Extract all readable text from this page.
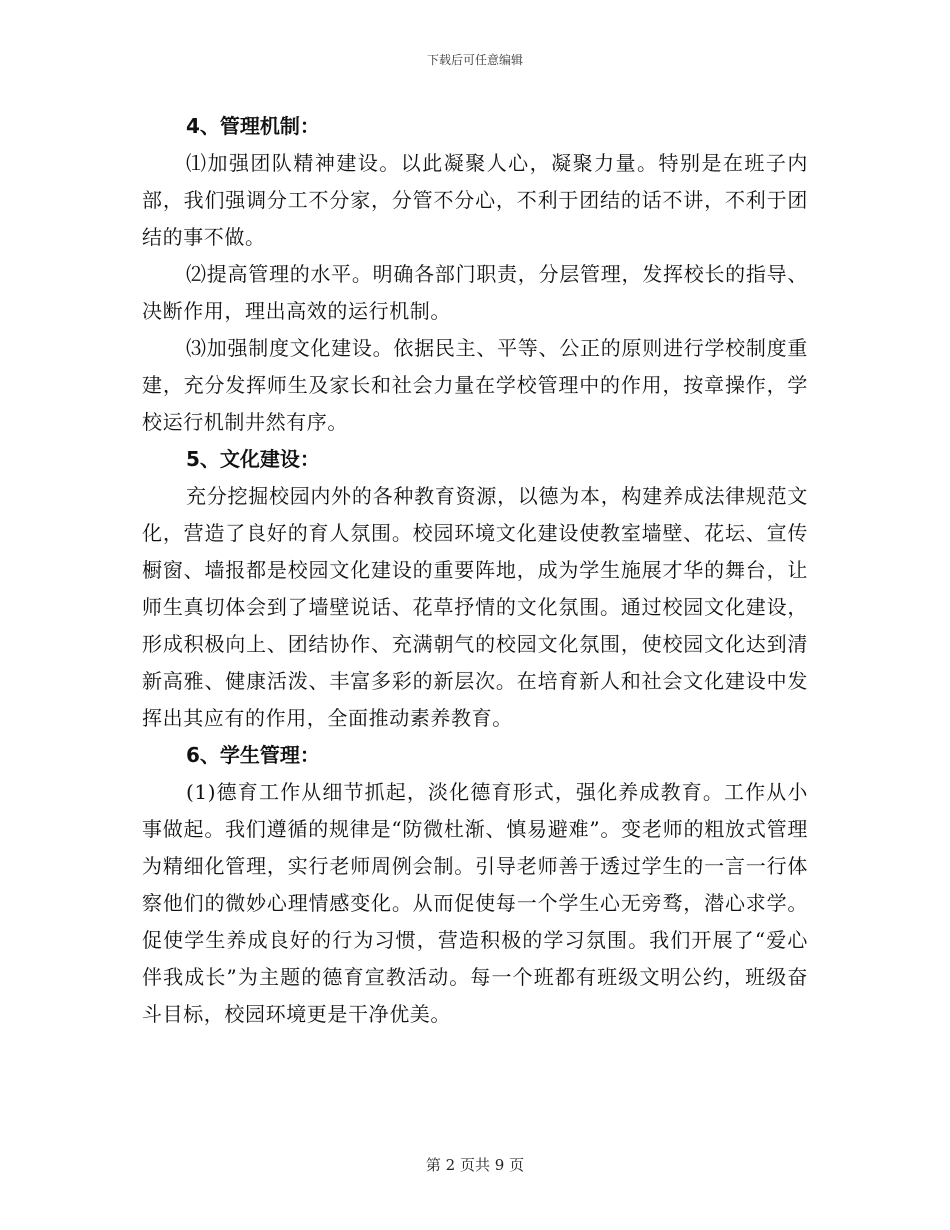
下载后可任意编辑
4、管理机制：

⑴加强团队精神建设。以此凝聚人心，凝聚力量。特别是在班子内部，我们强调分工不分家，分管不分心，不利于团结的话不讲，不利于团结的事不做。

⑵提高管理的水平。明确各部门职责，分层管理，发挥校长的指导、决断作用，理出高效的运行机制。

⑶加强制度文化建设。依据民主、平等、公正的原则进行学校制度重建，充分发挥师生及家长和社会力量在学校管理中的作用，按章操作，学校运行机制井然有序。

5、文化建设：

充分挖掘校园内外的各种教育资源，以德为本，构建养成法律规范文化，营造了良好的育人氛围。校园环境文化建设使教室墙壁、花坛、宣传橱窗、墙报都是校园文化建设的重要阵地，成为学生施展才华的舞台，让师生真切体会到了墙壁说话、花草抒情的文化氛围。通过校园文化建设，形成积极向上、团结协作、充满朝气的校园文化氛围，使校园文化达到清新高雅、健康活泼、丰富多彩的新层次。在培育新人和社会文化建设中发挥出其应有的作用，全面推动素养教育。

6、学生管理：

(1)德育工作从细节抓起，淡化德育形式，强化养成教育。工作从小事做起。我们遵循的规律是“防微杜渐、慎易避难”。变老师的粗放式管理为精细化管理，实行老师周例会制。引导老师善于透过学生的一言一行体察他们的微妙心理情感变化。从而促使每一个学生心无旁骛，潜心求学。促使学生养成良好的行为习惯，营造积极的学习氛围。我们开展了“爱心伴我成长”为主题的德育宣教活动。每一个班都有班级文明公约，班级奋斗目标，校园环境更是干净优美。

第 2 页共 9 页
